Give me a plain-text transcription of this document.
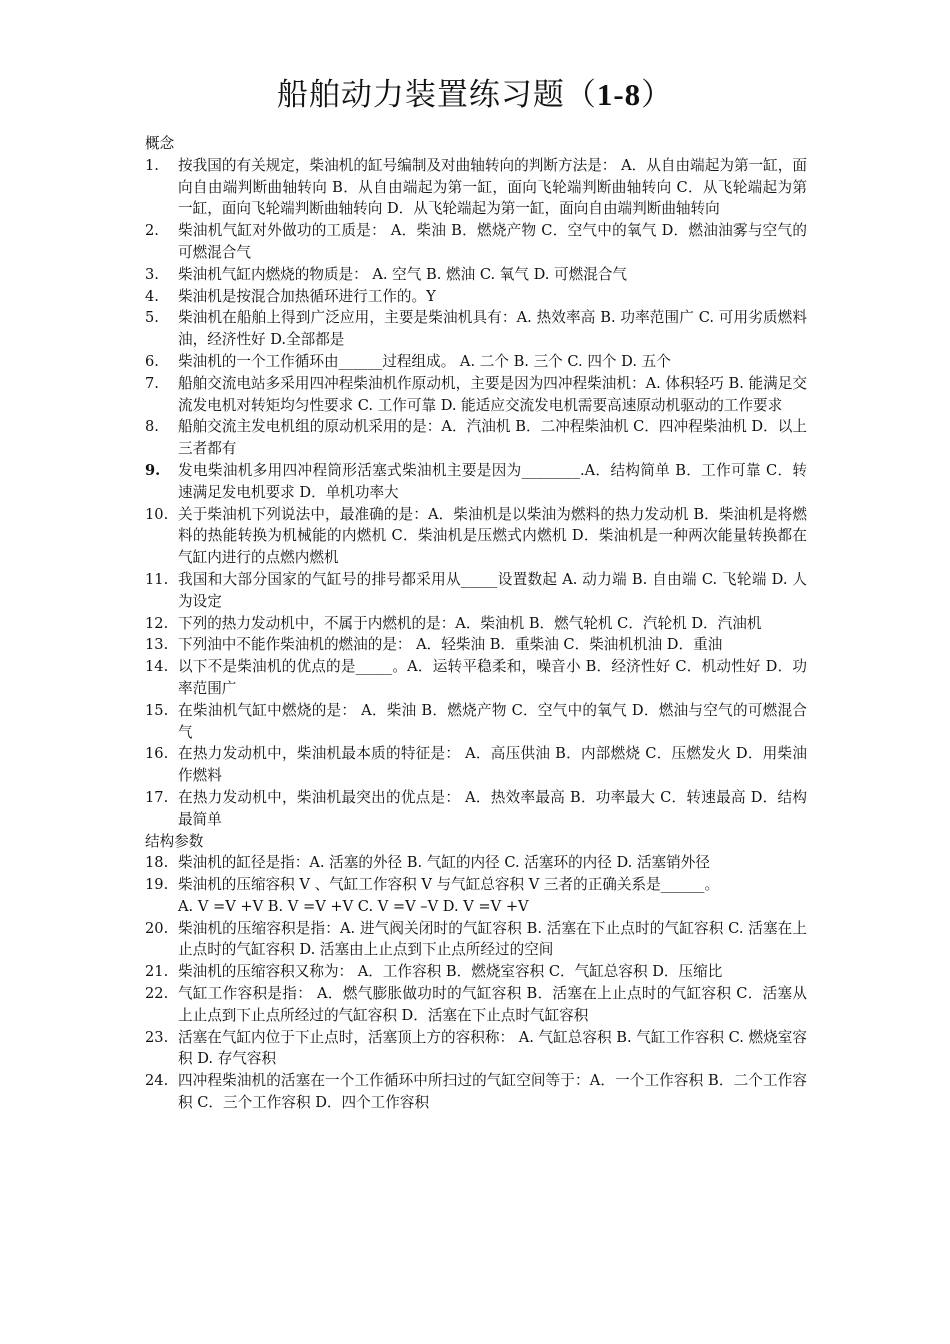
船舶动力装置练习题（1-8）
概念
1.	按我国的有关规定，柴油机的缸号编制及对曲轴转向的判断方法是： A．从自由端起为第一缸，面向自由端判断曲轴转向 B．从自由端起为第一缸，面向飞轮端判断曲轴转向 C．从飞轮端起为第一缸，面向飞轮端判断曲轴转向 D．从飞轮端起为第一缸，面向自由端判断曲轴转向
2.	柴油机气缸对外做功的工质是： A．柴油 B．燃烧产物 C．空气中的氧气 D．燃油油雾与空气的可燃混合气
3.	柴油机气缸内燃烧的物质是： A. 空气 B. 燃油 C. 氧气 D. 可燃混合气
4.	柴油机是按混合加热循环进行工作的。Y
5.	柴油机在船舶上得到广泛应用，主要是柴油机具有：A. 热效率高 B. 功率范围广 C. 可用劣质燃料油，经济性好 D.全部都是
6.	柴油机的一个工作循环由______过程组成。 A. 二个 B. 三个 C. 四个 D. 五个
7.	船舶交流电站多采用四冲程柴油机作原动机，主要是因为四冲程柴油机：A. 体积轻巧 B. 能满足交流发电机对转矩均匀性要求 C. 工作可靠 D. 能适应交流发电机需要高速原动机驱动的工作要求
8.	船舶交流主发电机组的原动机采用的是：A．汽油机 B．二冲程柴油机 C．四冲程柴油机 D．以上三者都有
9.	发电柴油机多用四冲程筒形活塞式柴油机主要是因为________.A．结构简单 B．工作可靠 C．转速满足发电机要求 D．单机功率大
10. 关于柴油机下列说法中，最准确的是：A．柴油机是以柴油为燃料的热力发动机 B．柴油机是将燃料的热能转换为机械能的内燃机 C．柴油机是压燃式内燃机 D．柴油机是一种两次能量转换都在气缸内进行的点燃内燃机
11. 我国和大部分国家的气缸号的排号都采用从_____设置数起 A. 动力端 B. 自由端 C. 飞轮端 D. 人为设定
12. 下列的热力发动机中，不属于内燃机的是：A．柴油机 B．燃气轮机 C．汽轮机 D．汽油机
13. 下列油中不能作柴油机的燃油的是： A．轻柴油 B．重柴油 C．柴油机机油 D．重油
14. 以下不是柴油机的优点的是_____。A．运转平稳柔和，噪音小 B．经济性好 C．机动性好 D．功率范围广
15. 在柴油机气缸中燃烧的是： A．柴油 B．燃烧产物 C．空气中的氧气 D．燃油与空气的可燃混合气
16. 在热力发动机中，柴油机最本质的特征是： A．高压供油 B．内部燃烧 C．压燃发火 D．用柴油作燃料
17. 在热力发动机中，柴油机最突出的优点是： A．热效率最高 B．功率最大 C．转速最高 D．结构最简单
结构参数
18. 柴油机的缸径是指：A. 活塞的外径 B. 气缸的内径 C. 活塞环的内径 D. 活塞销外径
19. 柴油机的压缩容积 V 、气缸工作容积 V 与气缸总容积 V 三者的正确关系是______。
A. V =V +V B. V =V +V C. V =V –V D. V =V +V
20. 柴油机的压缩容积是指：A. 进气阀关闭时的气缸容积 B. 活塞在下止点时的气缸容积 C. 活塞在上止点时的气缸容积 D. 活塞由上止点到下止点所经过的空间
21. 柴油机的压缩容积又称为： A．工作容积 B．燃烧室容积 C．气缸总容积 D．压缩比
22. 气缸工作容积是指： A．燃气膨胀做功时的气缸容积 B．活塞在上止点时的气缸容积 C．活塞从上止点到下止点所经过的气缸容积 D．活塞在下止点时气缸容积
23. 活塞在气缸内位于下止点时，活塞顶上方的容积称： A. 气缸总容积 B. 气缸工作容积 C. 燃烧室容积 D. 存气容积
24. 四冲程柴油机的活塞在一个工作循环中所扫过的气缸空间等于：A．一个工作容积 B．二个工作容积 C．三个工作容积 D．四个工作容积
